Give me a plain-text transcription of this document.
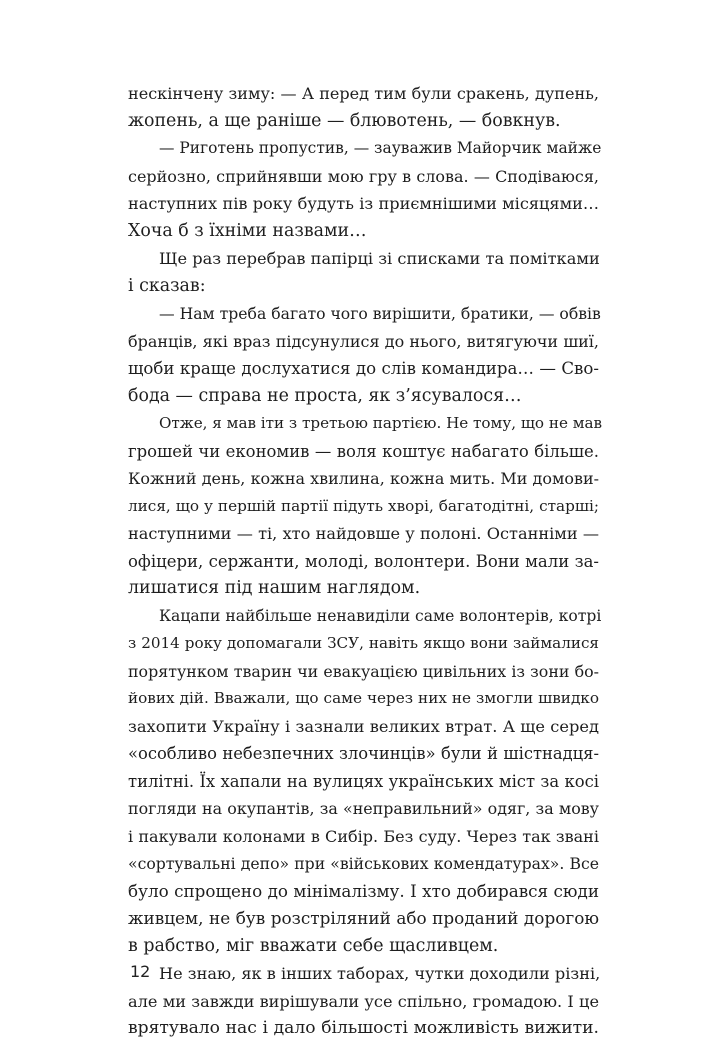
нескінчену зиму: — А перед тим були сракень, дупень,
жопень, а ще раніше — блювотень, — бовкнув.
— Риготень пропустив, — зауважив Майорчик майже
серйозно, сприйнявши мою гру в слова. — Сподіваюся,
наступних пів року будуть із приємнішими місяцями…
Хоча б з їхніми назвами…
Ще раз перебрав папірці зі списками та помітками
і сказав:
— Нам треба багато чого вирішити, братики, — обвів
бранців, які враз підсунулися до нього, витягуючи шиї,
щоби краще дослухатися до слів командира… — Сво-
бода — справа не проста, як з’ясувалося…
Отже, я мав іти з третьою партією. Не тому, що не мав
грошей чи економив — воля коштує набагато більше.
Кожний день, кожна хвилина, кожна мить. Ми домови-
лися, що у першій партії підуть хворі, багатодітні, старші;
наступними — ті, хто найдовше у полоні. Останніми —
офіцери, сержанти, молоді, волонтери. Вони мали за-
лишатися під нашим наглядом.
Кацапи найбільше ненавиділи саме волонтерів, котрі
з 2014 року допомагали ЗСУ, навіть якщо вони займалися
порятунком тварин чи евакуацією цивільних із зони бо-
йових дій. Вважали, що саме через них не змогли швидко
захопити Україну і зазнали великих втрат. А ще серед
«особливо небезпечних злочинців» були й шістнадця-
тилітні. Їх хапали на вулицях українських міст за косі
погляди на окупантів, за «неправильний» одяг, за мову
і пакували колонами в Сибір. Без суду. Через так звані
«сортувальні депо» при «військових комендатурах». Все
було спрощено до мінімалізму. І хто добирався сюди
живцем, не був розстріляний або проданий дорогою
в рабство, міг вважати себе щасливцем.
Не знаю, як в інших таборах, чутки доходили різні,
але ми завжди вирішували усе спільно, громадою. І це
врятувало нас і дало більшості можливість вижити.
12
